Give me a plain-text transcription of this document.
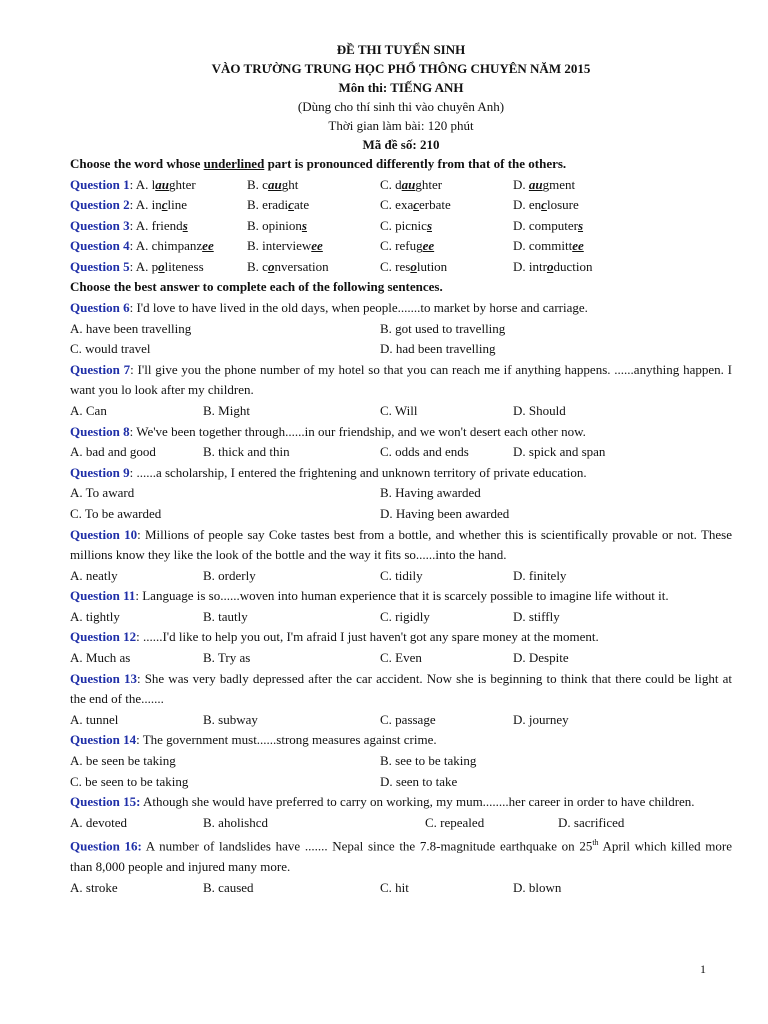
ĐỀ THI TUYỂN SINH
VÀO TRƯỜNG TRUNG HỌC PHỔ THÔNG CHUYÊN NĂM 2015
Môn thi: TIẾNG ANH
(Dùng cho thí sinh thi vào chuyên Anh)
Thời gian làm bài: 120 phút
Mã đề số: 210
Choose the word whose underlined part is pronounced differently from that of the others.
Question 1: A. laughter	B. caught	C. daughter	D. augment
Question 2: A. incline	B. eradicate	C. exacerbate	D. enclosure
Question 3: A. friends	B. opinions	C. picnics	D. computers
Question 4: A. chimpanzee	B. interviewee	C. refugee	D. committee
Question 5: A. politeness	B. conversation	C. resolution	D. introduction
Choose the best answer to complete each of the following sentences.
Question 6: I'd love to have lived in the old days, when people.......to market by horse and carriage.
A. have been travelling	B. got used to travelling
C. would travel	D. had been travelling
Question 7: I'll give you the phone number of my hotel so that you can reach me if anything happens. ......anything happen. I want you lo look after my children.
A. Can	B. Might	C. Will	D. Should
Question 8: We've been together through......in our friendship, and we won't desert each other now.
A. bad and good	B. thick and thin	C. odds and ends	D. spick and span
Question 9: ......a scholarship, I entered the frightening and unknown territory of private education.
A. To award	B. Having awarded
C. To be awarded	D. Having been awarded
Question 10: Millions of people say Coke tastes best from a bottle, and whether this is scientifically provable or not. These millions know they like the look of the bottle and the way it fits so......into the hand.
A. neatly	B. orderly	C. tidily	D. finitely
Question 11: Language is so......woven into human experience that it is scarcely possible to imagine life without it.
A. tightly	B. tautly	C. rigidly	D. stiffly
Question 12: ......I'd like to help you out, I'm afraid I just haven't got any spare money at the moment.
A. Much as	B. Try as	C. Even	D. Despite
Question 13: She was very badly depressed after the car accident. Now she is beginning to think that there could be light at the end of the.......
A. tunnel	B. subway	C. passage	D. journey
Question 14: The government must......strong measures against crime.
A. be seen be taking	B. see to be taking
C. be seen to be taking	D. seen to take
Question 15: Athough she would have preferred to carry on working, my mum........her career in order to have children.
A. devoted	B. aholishcd	C. repealed	D. sacrificed
Question 16: A number of landslides have ....... Nepal since the 7.8-magnitude earthquake on 25th April which killed more than 8,000 people and injured many more.
A. stroke	B. caused	C. hit	D. blown
1
